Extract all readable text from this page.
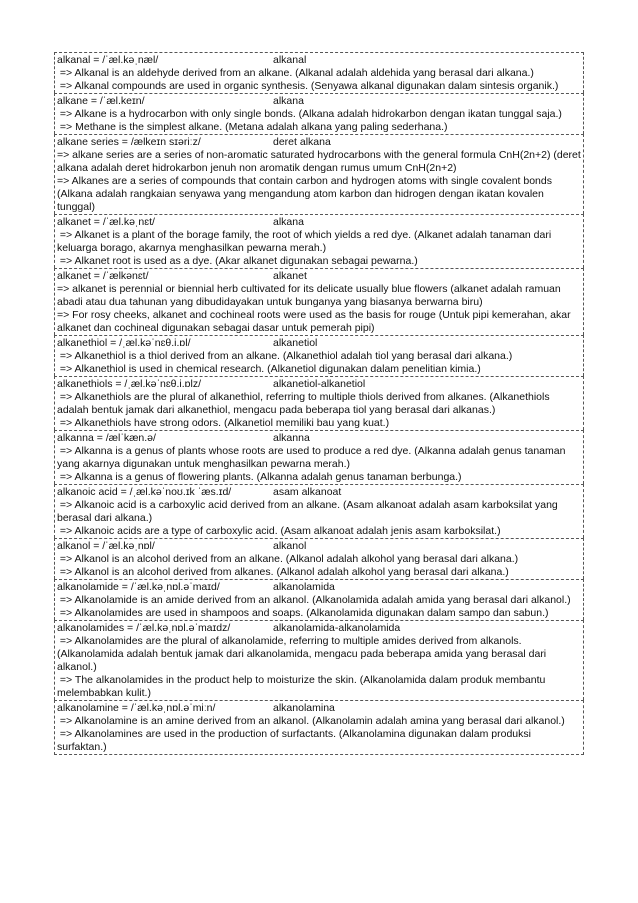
alkanal = /ˈæl.kəˌnæl/	alkanal
=> Alkanal is an aldehyde derived from an alkane. (Alkanal adalah aldehida yang berasal dari alkana.)
=> Alkanal compounds are used in organic synthesis. (Senyawa alkanal digunakan dalam sintesis organik.)
alkane = /ˈæl.keɪn/	alkana
=> Alkane is a hydrocarbon with only single bonds. (Alkana adalah hidrokarbon dengan ikatan tunggal saja.)
=> Methane is the simplest alkane. (Metana adalah alkana yang paling sederhana.)
alkane series = /ælkeɪn sɪəriːz/	deret alkana
=> alkane series are a series of non-aromatic saturated hydrocarbons with the general formula CnH(2n+2) (deret alkana adalah deret hidrokarbon jenuh non aromatik dengan rumus umum CnH(2n+2)
=> Alkanes are a series of compounds that contain carbon and hydrogen atoms with single covalent bonds (Alkana adalah rangkaian senyawa yang mengandung atom karbon dan hidrogen dengan ikatan kovalen tunggal)
alkanet = /ˈæl.kəˌnɛt/	alkana
=> Alkanet is a plant of the borage family, the root of which yields a red dye. (Alkanet adalah tanaman dari keluarga borago, akarnya menghasilkan pewarna merah.)
=> Alkanet root is used as a dye. (Akar alkanet digunakan sebagai pewarna.)
alkanet = /ˈælkənɛt/	alkanet
=> alkanet is perennial or biennial herb cultivated for its delicate usually blue flowers (alkanet adalah ramuan abadi atau dua tahunan yang dibudidayakan untuk bunganya yang biasanya berwarna biru)
=> For rosy cheeks, alkanet and cochineal roots were used as the basis for rouge (Untuk pipi kemerahan, akar alkanet dan cochineal digunakan sebagai dasar untuk pemerah pipi)
alkanethiol = /ˌæl.kəˈnɛθ.i.ɒl/	alkanetiol
=> Alkanethiol is a thiol derived from an alkane. (Alkanethiol adalah tiol yang berasal dari alkana.)
=> Alkanethiol is used in chemical research. (Alkanetiol digunakan dalam penelitian kimia.)
alkanethiols = /ˌæl.kəˈnɛθ.i.ɒlz/	alkanetiol-alkanetiol
=> Alkanethiols are the plural of alkanethiol, referring to multiple thiols derived from alkanes. (Alkanethiols adalah bentuk jamak dari alkanethiol, mengacu pada beberapa tiol yang berasal dari alkanas.)
=> Alkanethiols have strong odors. (Alkanetiol memiliki bau yang kuat.)
alkanna = /ælˈkæn.ə/	alkanna
=> Alkanna is a genus of plants whose roots are used to produce a red dye. (Alkanna adalah genus tanaman yang akarnya digunakan untuk menghasilkan pewarna merah.)
=> Alkanna is a genus of flowering plants. (Alkanna adalah genus tanaman berbunga.)
alkanoic acid = /ˌæl.kəˈnoʊ.ɪk ˈæs.ɪd/	asam alkanoat
=> Alkanoic acid is a carboxylic acid derived from an alkane. (Asam alkanoat adalah asam karboksilat yang berasal dari alkana.)
=> Alkanoic acids are a type of carboxylic acid. (Asam alkanoat adalah jenis asam karboksilat.)
alkanol = /ˈæl.kəˌnɒl/	alkanol
=> Alkanol is an alcohol derived from an alkane. (Alkanol adalah alkohol yang berasal dari alkana.)
=> Alkanol is an alcohol derived from alkanes. (Alkanol adalah alkohol yang berasal dari alkana.)
alkanolamide = /ˈæl.kəˌnɒl.əˈmaɪd/	alkanolamida
=> Alkanolamide is an amide derived from an alkanol. (Alkanolamida adalah amida yang berasal dari alkanol.)
=> Alkanolamides are used in shampoos and soaps. (Alkanolamida digunakan dalam sampo dan sabun.)
alkanolamides = /ˈæl.kəˌnɒl.əˈmaɪdz/	alkanolamida-alkanolamida
=> Alkanolamides are the plural of alkanolamide, referring to multiple amides derived from alkanols. (Alkanolamida adalah bentuk jamak dari alkanolamida, mengacu pada beberapa amida yang berasal dari alkanol.)
=> The alkanolamides in the product help to moisturize the skin. (Alkanolamida dalam produk membantu melembabkan kulit.)
alkanolamine = /ˈæl.kəˌnɒl.əˈmiːn/	alkanolamina
=> Alkanolamine is an amine derived from an alkanol. (Alkanolamin adalah amina yang berasal dari alkanol.)
=> Alkanolamines are used in the production of surfactants. (Alkanolamina digunakan dalam produksi surfaktan.)
